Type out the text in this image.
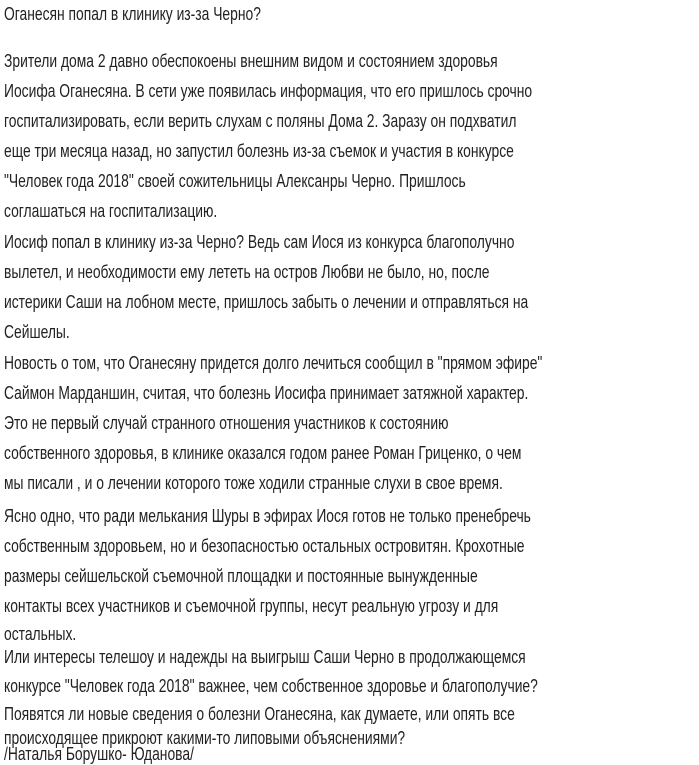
Оганесян попал в клинику из-за Черно?
Зрители дома 2 давно обеспокоены внешним видом и состоянием здоровья
Иосифа Оганесяна. В сети уже появилась информация, что его пришлось срочно
госпитализировать, если верить слухам с поляны Дома 2. Заразу он подхватил
еще три месяца назад, но запустил болезнь из-за съемок и участия в конкурсе
"Человек года 2018" своей сожительницы Алексанры Черно. Пришлось
соглашаться на госпитализацию.
Иосиф попал в клинику из-за Черно? Ведь сам Иося из конкурса благополучно
вылетел, и необходимости ему лететь на остров Любви не было, но, после
истерики Саши на лобном месте, пришлось забыть о лечении и отправляться на
Сейшелы.
Новость о том, что Оганесяну придется долго лечиться сообщил в "прямом эфире"
Саймон Марданшин, считая, что болезнь Иосифа принимает затяжной характер.
Это не первый случай странного отношения участников к состоянию
собственного здоровья, в клинике оказался годом ранее Роман Гриценко, о чем
мы писали , и о лечении которого тоже ходили странные слухи в свое время.
Ясно одно, что ради мелькания Шуры в эфирах Иося готов не только пренебречь
собственным здоровьем, но и безопасностью остальных островитян. Крохотные
размеры сейшельской съемочной площадки и постоянные вынужденные
контакты всех участников и съемочной группы, несут реальную угрозу и для
остальных.
Или интересы телешоу и надежды на выигрыш Саши Черно в продолжающемся
конкурсе "Человек года 2018" важнее, чем собственное здоровье и благополучие?
Появятся ли новые сведения о болезни Оганесяна, как думаете, или опять все
происходящее прикроют какими-то липовыми объяснениями?
/Наталья Борушко- Юданова/
